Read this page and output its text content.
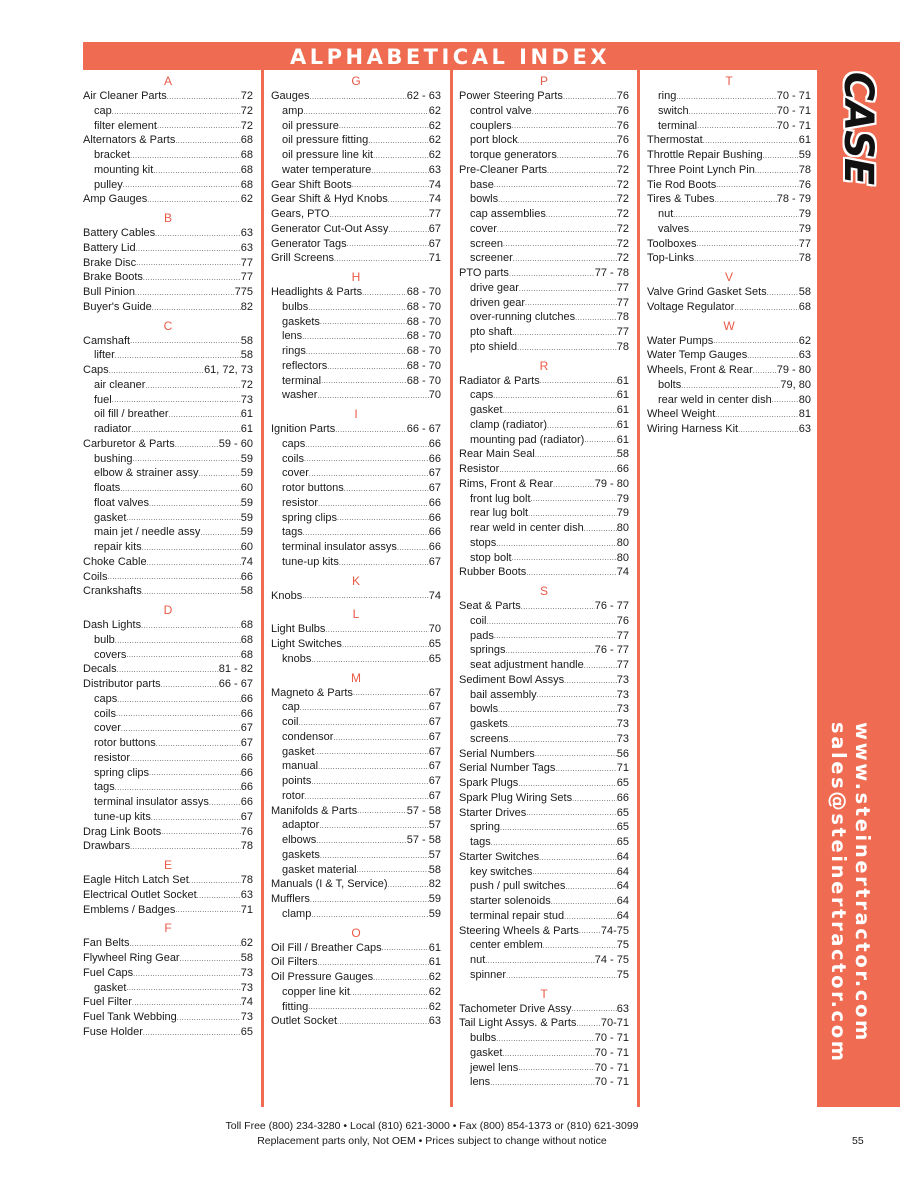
ALPHABETICAL INDEX
CASE
www.steinertractor.com
sales@steinertractor.com
A
Air Cleaner Parts .....	72
cap .....	72
filter element .....	72
Alternators & Parts .....	68
bracket .....	68
mounting kit .....	68
pulley .....	68
Amp Gauges .....	62
B
Battery Cables .....	63
Battery Lid .....	63
Brake Disc .....	77
Brake Boots .....	77
Bull Pinion .....	775
Buyer's Guide .....	82
C
Camshaft .....	58
lifter .....	58
Caps .....	61, 72, 73
air cleaner .....	72
fuel .....	73
oil fill / breather .....	61
radiator .....	61
Carburetor & Parts .....	59 - 60
bushing .....	59
elbow & strainer assy .....	59
floats .....	60
float valves .....	59
gasket .....	59
main jet / needle assy .....	59
repair kits .....	60
Choke Cable .....	74
Coils .....	66
Crankshafts .....	58
D
Dash Lights .....	68
bulb .....	68
covers .....	68
Decals .....	81 - 82
Distributor parts .....	66 - 67
caps .....	66
coils .....	66
cover .....	67
rotor buttons .....	67
resistor .....	66
spring clips .....	66
tags .....	66
terminal insulator assys .....	66
tune-up kits .....	67
Drag Link Boots .....	76
Drawbars .....	78
E
Eagle Hitch Latch Set .....	78
Electrical Outlet Socket .....	63
Emblems / Badges .....	71
F
Fan Belts .....	62
Flywheel Ring Gear .....	58
Fuel Caps .....	73
gasket .....	73
Fuel Filter .....	74
Fuel Tank Webbing .....	73
Fuse Holder .....	65
G
Gauges .....	62 - 63
amp .....	62
oil pressure .....	62
oil pressure fitting .....	62
oil pressure line kit .....	62
water temperature .....	63
Gear Shift Boots .....	74
Gear Shift & Hyd Knobs .....	74
Gears, PTO .....	77
Generator Cut-Out Assy .....	67
Generator Tags .....	67
Grill Screens .....	71
H
Headlights & Parts .....	68 - 70
bulbs .....	68 - 70
gaskets .....	68 - 70
lens .....	68 - 70
rings .....	68 - 70
reflectors .....	68 - 70
terminal .....	68 - 70
washer .....	70
I
Ignition Parts .....	66 - 67
caps .....	66
coils .....	66
cover .....	67
rotor buttons .....	67
resistor .....	66
spring clips .....	66
tags .....	66
terminal insulator assys .....	66
tune-up kits .....	67
K
Knobs .....	74
L
Light Bulbs .....	70
Light Switches .....	65
knobs .....	65
M
Magneto & Parts .....	67
cap .....	67
coil .....	67
condensor .....	67
gasket .....	67
manual .....	67
points .....	67
rotor .....	67
Manifolds & Parts .....	57 - 58
adaptor .....	57
elbows .....	57 - 58
gaskets .....	57
gasket material .....	58
Manuals (I & T, Service) .....	82
Mufflers .....	59
clamp .....	59
O
Oil Fill / Breather Caps .....	61
Oil Filters .....	61
Oil Pressure Gauges .....	62
copper line kit .....	62
fitting .....	62
Outlet Socket .....	63
P
Power Steering Parts .....	76
control valve .....	76
couplers .....	76
port block .....	76
torque generators .....	76
Pre-Cleaner Parts .....	72
base .....	72
bowls .....	72
cap assemblies .....	72
cover .....	72
screen .....	72
screener .....	72
PTO parts .....	77 - 78
drive gear .....	77
driven gear .....	77
over-running clutches .....	78
pto shaft .....	77
pto shield .....	78
R
Radiator & Parts .....	61
caps .....	61
gasket .....	61
clamp (radiator) .....	61
mounting pad (radiator) .....	61
Rear Main Seal .....	58
Resistor .....	66
Rims, Front & Rear .....	79 - 80
front lug bolt .....	79
rear lug bolt .....	79
rear weld in center dish .....	80
stops .....	80
stop bolt .....	80
Rubber Boots .....	74
S
Seat & Parts .....	76 - 77
coil .....	76
pads .....	77
springs .....	76 - 77
seat adjustment handle .....	77
Sediment Bowl Assys .....	73
bail assembly .....	73
bowls .....	73
gaskets .....	73
screens .....	73
Serial Numbers .....	56
Serial Number Tags .....	71
Spark Plugs .....	65
Spark Plug Wiring Sets .....	66
Starter Drives .....	65
spring .....	65
tags .....	65
Starter Switches .....	64
key switches .....	64
push / pull switches .....	64
starter solenoids .....	64
terminal repair stud .....	64
Steering Wheels & Parts ..... 74-75
center emblem .....	75
nut .....	74 - 75
spinner .....	75
T
Tachometer Drive Assy .....	63
Tail Light Assys. & Parts ..... 70-71
bulbs .....	70 - 71
gasket .....	70 - 71
jewel lens .....	70 - 71
lens .....	70 - 71
T
ring .....	70 - 71
switch .....	70 - 71
terminal .....	70 - 71
Thermostat .....	61
Throttle Repair Bushing .....	59
Three Point Lynch Pin .....	78
Tie Rod Boots .....	76
Tires & Tubes .....	78 - 79
nut .....	79
valves .....	79
Toolboxes .....	77
Top-Links .....	78
V
Valve Grind Gasket Sets .....	58
Voltage Regulator .....	68
W
Water Pumps .....	62
Water Temp Gauges .....	63
Wheels, Front & Rear ..... 79 - 80
bolts .....	79, 80
rear weld in center dish ..... 80
Wheel Weight .....	81
Wiring Harness Kit .....	63
Toll Free (800) 234-3280 • Local (810) 621-3000 • Fax (800) 854-1373 or (810) 621-3099
Replacement parts only, Not OEM • Prices subject to change without notice	55
